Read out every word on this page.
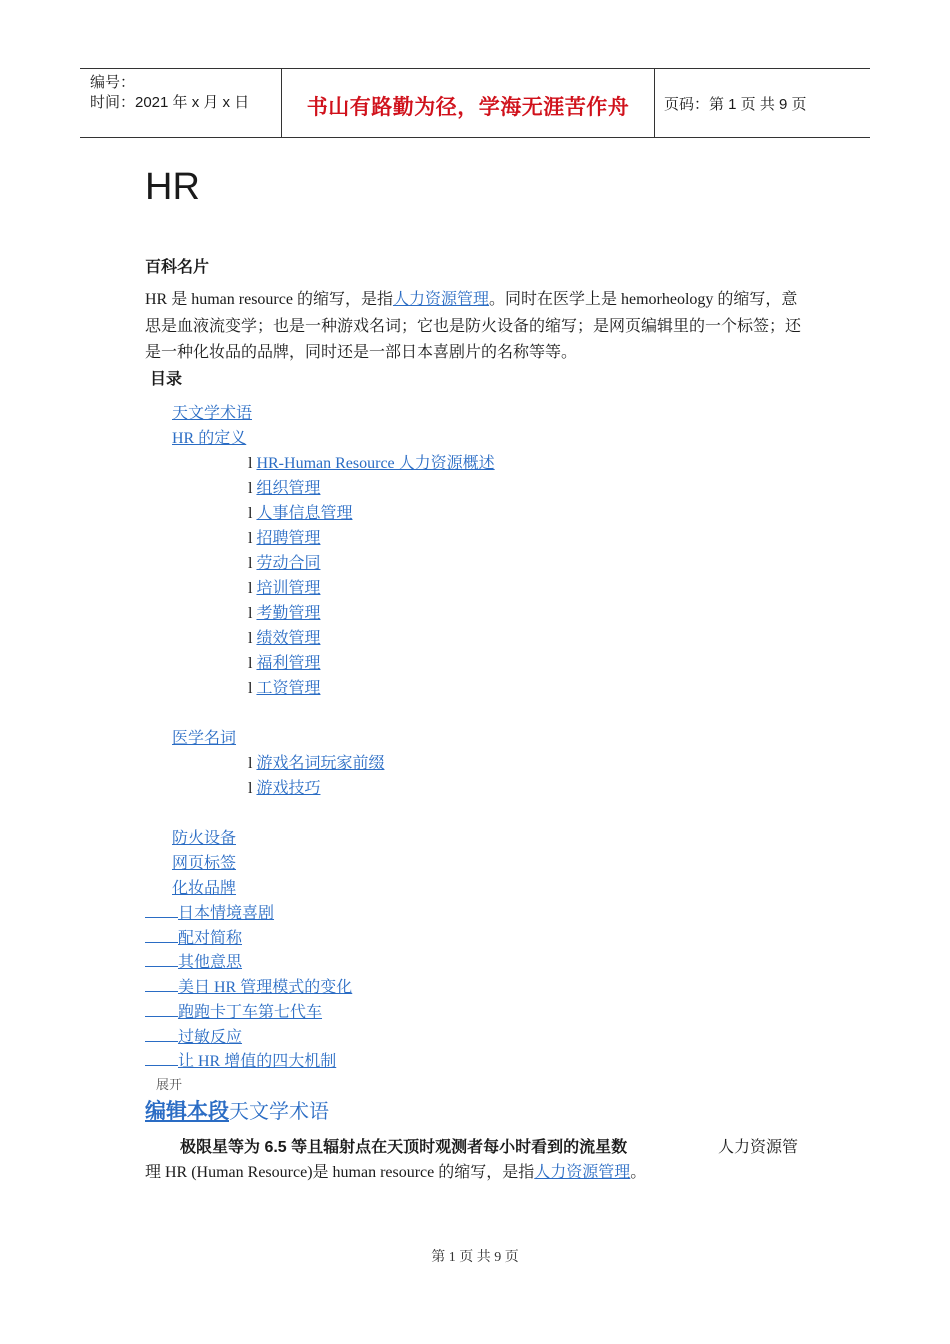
编号：
时间：2021 年 x 月 x 日	书山有路勤为径，学海无涯苦作舟	页码：第 1 页 共 9 页
HR
百科名片
HR 是 human resource 的缩写，是指人力资源管理。同时在医学上是 hemorheology 的缩写，意思是血液流变学；也是一种游戏名词；它也是防火设备的缩写；是网页编辑里的一个标签；还是一种化妆品的品牌，同时还是一部日本喜剧片的名称等等。
目录
天文学术语
HR 的定义
l HR-Human Resource 人力资源概述
l 组织管理
l 人事信息管理
l 招聘管理
l 劳动合同
l 培训管理
l 考勤管理
l 绩效管理
l 福利管理
l 工资管理
医学名词
l 游戏名词玩家前缀
l 游戏技巧
防火设备
网页标签
化妆品牌
日本情境喜剧
配对简称
其他意思
美日 HR 管理模式的变化
跑跑卡丁车第七代车
过敏反应
让 HR 增值的四大机制
展开
编辑本段天文学术语
极限星等为 6.5 等且辐射点在天顶时观测者每小时看到的流星数	人力资源管
理 HR (Human Resource)是 human resource 的缩写，是指人力资源管理。
第 1 页 共 9 页
